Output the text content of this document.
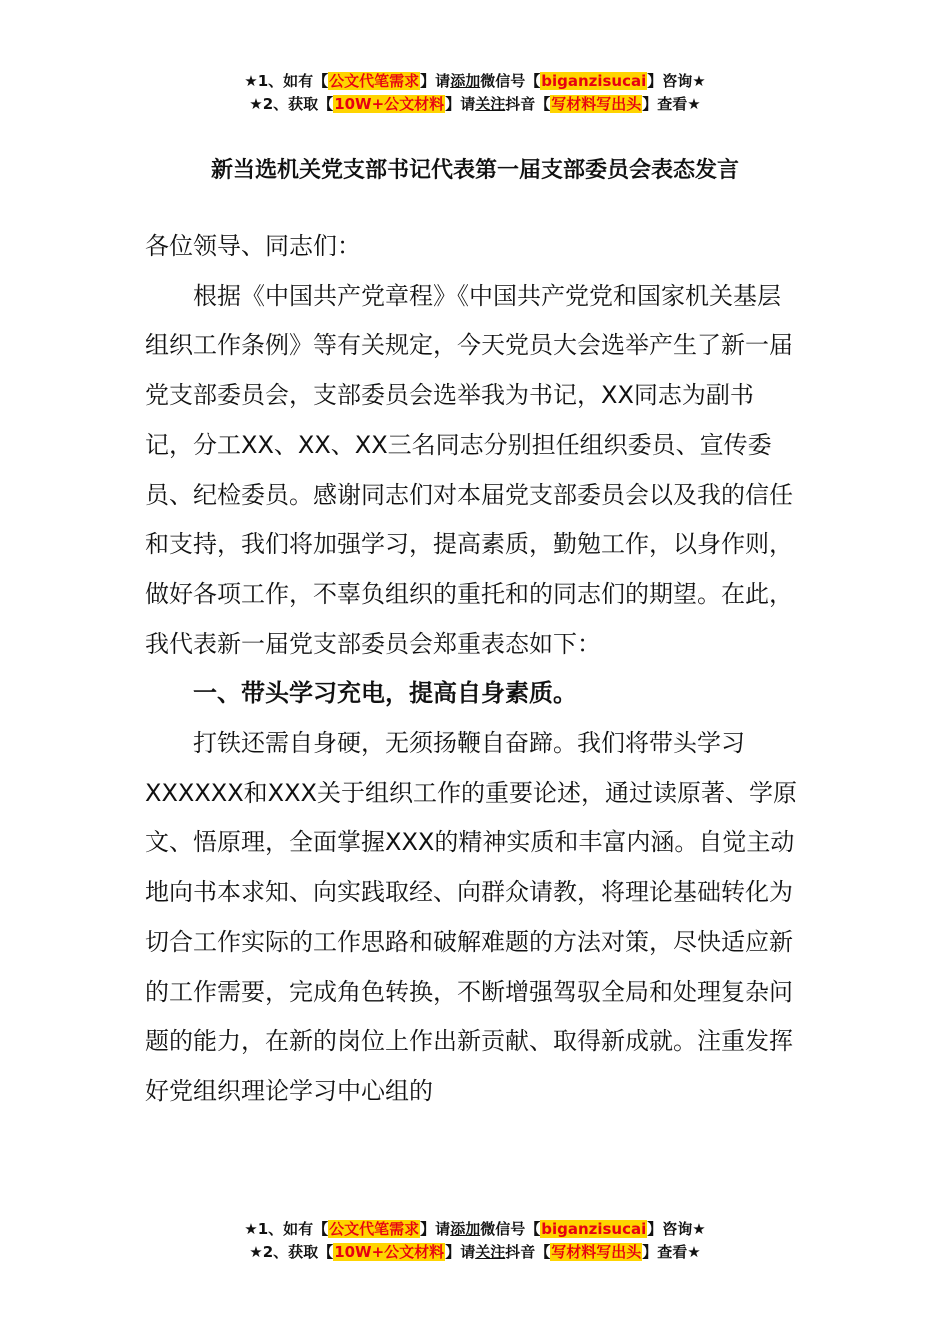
★1、如有【公文代笔需求】请添加微信号【biganzisucai】咨询★
★2、获取【10W+公文材料】请关注抖音【写材料写出头】查看★
新当选机关党支部书记代表第一届支部委员会表态发言

各位领导、同志们：

根据《中国共产党章程》《中国共产党党和国家机关基层组织工作条例》等有关规定，今天党员大会选举产生了新一届党支部委员会，支部委员会选举我为书记，XX同志为副书记，分工XX、XX、XX三名同志分别担任组织委员、宣传委员、纪检委员。感谢同志们对本届党支部委员会以及我的信任和支持，我们将加强学习，提高素质，勤勉工作，以身作则，做好各项工作，不辜负组织的重托和的同志们的期望。在此，我代表新一届党支部委员会郑重表态如下：

一、带头学习充电，提高自身素质。

打铁还需自身硬，无须扬鞭自奋蹄。我们将带头学习XXXXXX和XXX关于组织工作的重要论述，通过读原著、学原文、悟原理，全面掌握XXX的精神实质和丰富内涵。自觉主动地向书本求知、向实践取经、向群众请教，将理论基础转化为切合工作实际的工作思路和破解难题的方法对策，尽快适应新的工作需要，完成角色转换，不断增强驾驭全局和处理复杂问题的能力，在新的岗位上作出新贡献、取得新成就。注重发挥好党组织理论学习中心组的

★1、如有【公文代笔需求】请添加微信号【biganzisucai】咨询★
★2、获取【10W+公文材料】请关注抖音【写材料写出头】查看★
